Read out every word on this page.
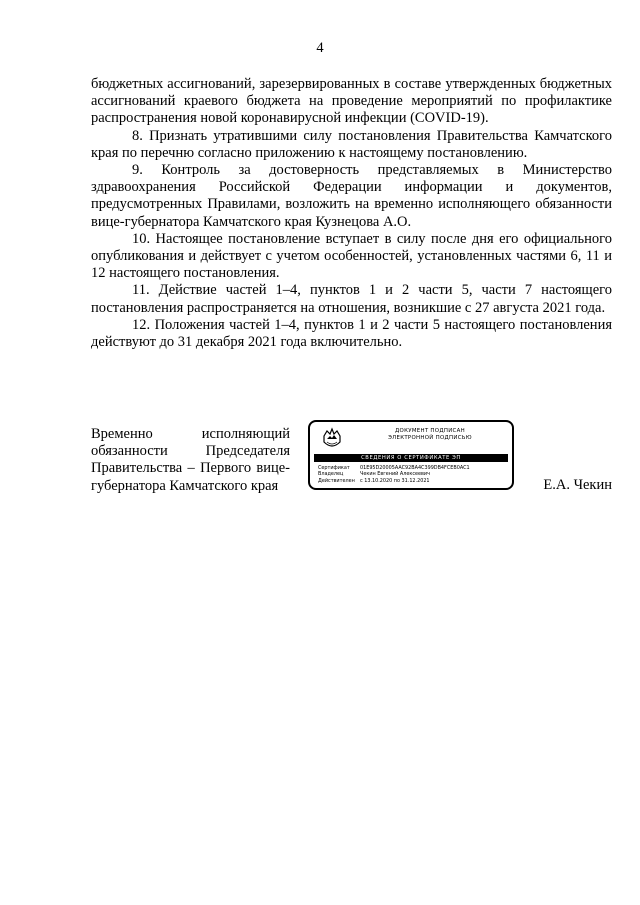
4

бюджетных ассигнований, зарезервированных в составе утвержденных бюджетных ассигнований краевого бюджета на проведение мероприятий по профилактике распространения новой коронавирусной инфекции (COVID-19).

8. Признать утратившими силу постановления Правительства Камчатского края по перечню согласно приложению к настоящему постановлению.

9. Контроль за достоверность представляемых в Министерство здравоохранения Российской Федерации информации и документов, предусмотренных Правилами, возложить на временно исполняющего обязанности вице-губернатора Камчатского края Кузнецова А.О.

10. Настоящее постановление вступает в силу после дня его официального опубликования и действует с учетом особенностей, установленных частями 6, 11 и 12 настоящего постановления.

11. Действие частей 1–4, пунктов 1 и 2 части 5, части 7 настоящего постановления распространяется на отношения, возникшие с 27 августа 2021 года.

12. Положения частей 1–4, пунктов 1 и 2 части 5 настоящего постановления действуют до 31 декабря 2021 года включительно.

Временно исполняющий
обязанности Председателя
Правительства – Первого вице-
губернатора Камчатского края
ДОКУМЕНТ ПОДПИСАН
ЭЛЕКТРОННОЙ ПОДПИСЬЮ
СВЕДЕНИЯ О СЕРТИФИКАТЕ ЭП
Сертификат	01E95D20005AAC92BA4C399DB4FCEB0AC1
Владелец	Чекин Евгений Алексеевич
Действителен	с 13.10.2020 по 31.12.2021	Е.А. Чекин
